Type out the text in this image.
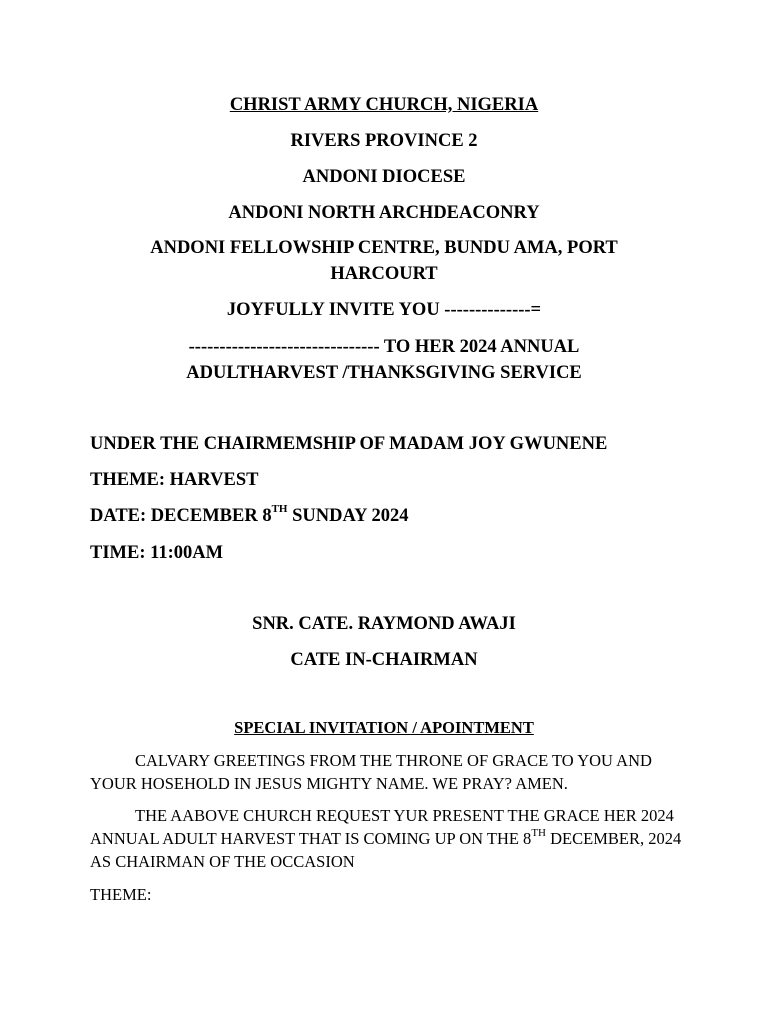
CHRIST ARMY CHURCH, NIGERIA

RIVERS PROVINCE 2

ANDONI DIOCESE

ANDONI NORTH ARCHDEACONRY

ANDONI FELLOWSHIP CENTRE, BUNDU AMA, PORT

HARCOURT

JOYFULLY INVITE YOU --------------=

------------------------------- TO HER 2024 ANNUAL

ADULTHARVEST /THANKSGIVING SERVICE

UNDER THE CHAIRMEMSHIP OF MADAM JOY GWUNENE

THEME: HARVEST

DATE: DECEMBER 8TH SUNDAY 2024

TIME: 11:00AM

SNR. CATE. RAYMOND AWAJI

CATE IN-CHAIRMAN

SPECIAL INVITATION / APOINTMENT

CALVARY GREETINGS FROM THE THRONE OF GRACE TO YOU AND YOUR HOSEHOLD IN JESUS MIGHTY NAME. WE PRAY? AMEN.

THE AABOVE CHURCH REQUEST YUR PRESENT THE GRACE HER 2024 ANNUAL ADULT HARVEST THAT IS COMING UP ON THE 8TH DECEMBER, 2024 AS CHAIRMAN OF THE OCCASION

THEME:
